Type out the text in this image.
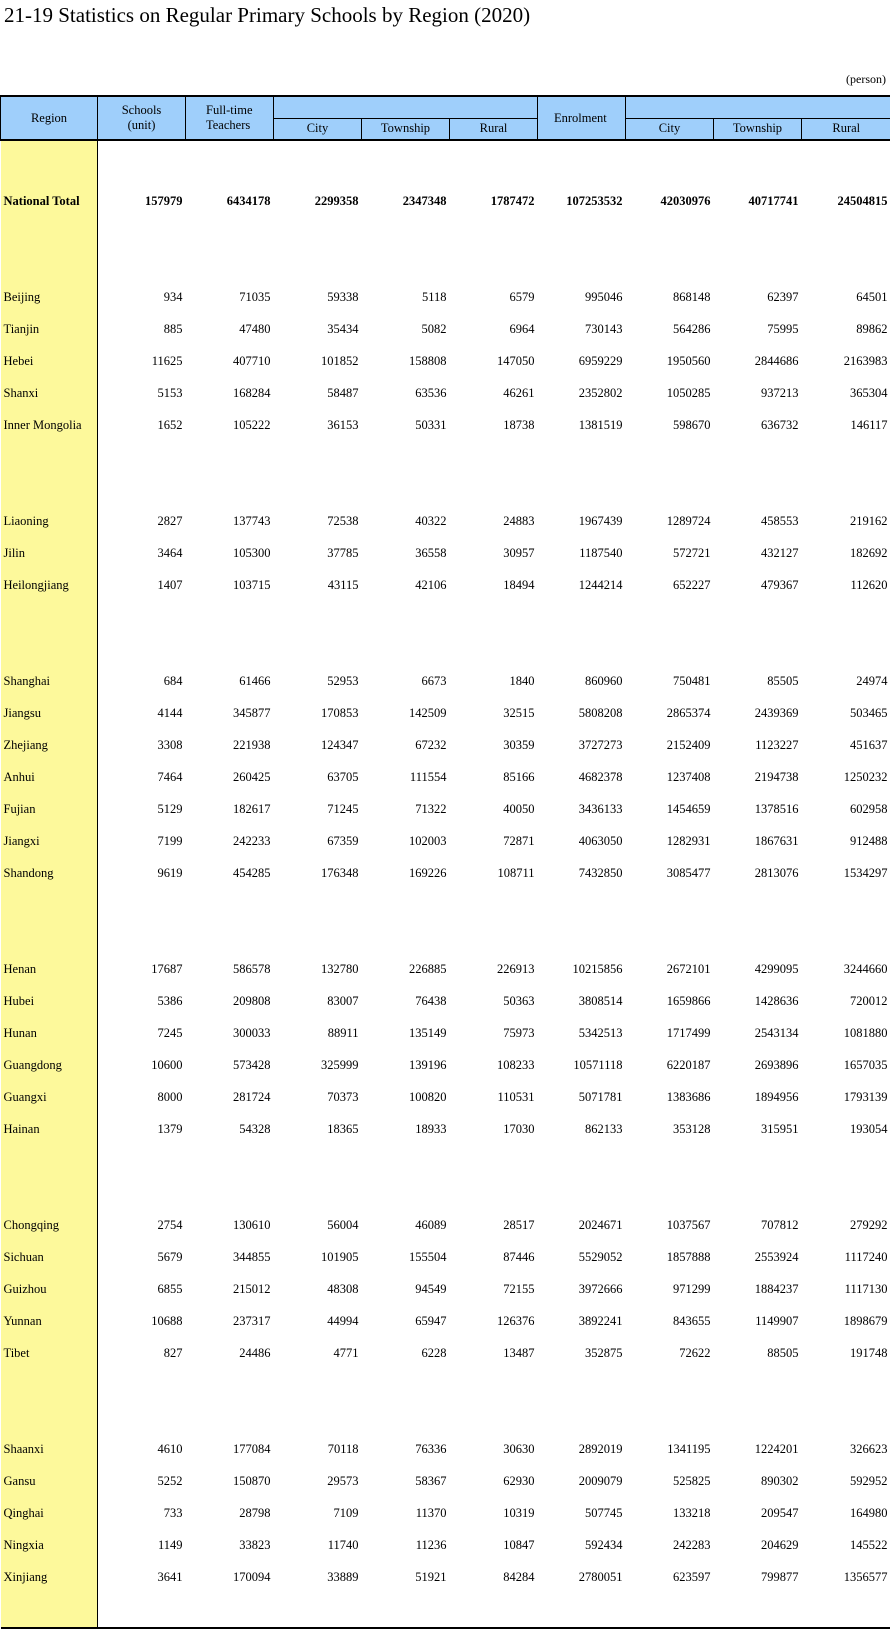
21-19 Statistics on Regular Primary Schools by Region (2020)
(person)
Region	Schools	Full-time				Enrolment			
	(unit)	Teachers	City	Township	Rural		City	Township	Rural

National Total	157979	6434178	2299358	2347348	1787472	107253532	42030976	40717741	24504815

Beijing	934	71035	59338	5118	6579	995046	868148	62397	64501
Tianjin	885	47480	35434	5082	6964	730143	564286	75995	89862
Hebei	11625	407710	101852	158808	147050	6959229	1950560	2844686	2163983
Shanxi	5153	168284	58487	63536	46261	2352802	1050285	937213	365304
Inner Mongolia	1652	105222	36153	50331	18738	1381519	598670	636732	146117

Liaoning	2827	137743	72538	40322	24883	1967439	1289724	458553	219162
Jilin	3464	105300	37785	36558	30957	1187540	572721	432127	182692
Heilongjiang	1407	103715	43115	42106	18494	1244214	652227	479367	112620

Shanghai	684	61466	52953	6673	1840	860960	750481	85505	24974
Jiangsu	4144	345877	170853	142509	32515	5808208	2865374	2439369	503465
Zhejiang	3308	221938	124347	67232	30359	3727273	2152409	1123227	451637
Anhui	7464	260425	63705	111554	85166	4682378	1237408	2194738	1250232
Fujian	5129	182617	71245	71322	40050	3436133	1454659	1378516	602958
Jiangxi	7199	242233	67359	102003	72871	4063050	1282931	1867631	912488
Shandong	9619	454285	176348	169226	108711	7432850	3085477	2813076	1534297

Henan	17687	586578	132780	226885	226913	10215856	2672101	4299095	3244660
Hubei	5386	209808	83007	76438	50363	3808514	1659866	1428636	720012
Hunan	7245	300033	88911	135149	75973	5342513	1717499	2543134	1081880
Guangdong	10600	573428	325999	139196	108233	10571118	6220187	2693896	1657035
Guangxi	8000	281724	70373	100820	110531	5071781	1383686	1894956	1793139
Hainan	1379	54328	18365	18933	17030	862133	353128	315951	193054

Chongqing	2754	130610	56004	46089	28517	2024671	1037567	707812	279292
Sichuan	5679	344855	101905	155504	87446	5529052	1857888	2553924	1117240
Guizhou	6855	215012	48308	94549	72155	3972666	971299	1884237	1117130
Yunnan	10688	237317	44994	65947	126376	3892241	843655	1149907	1898679
Tibet	827	24486	4771	6228	13487	352875	72622	88505	191748

Shaanxi	4610	177084	70118	76336	30630	2892019	1341195	1224201	326623
Gansu	5252	150870	29573	58367	62930	2009079	525825	890302	592952
Qinghai	733	28798	7109	11370	10319	507745	133218	209547	164980
Ningxia	1149	33823	11740	11236	10847	592434	242283	204629	145522
Xinjiang	3641	170094	33889	51921	84284	2780051	623597	799877	1356577
